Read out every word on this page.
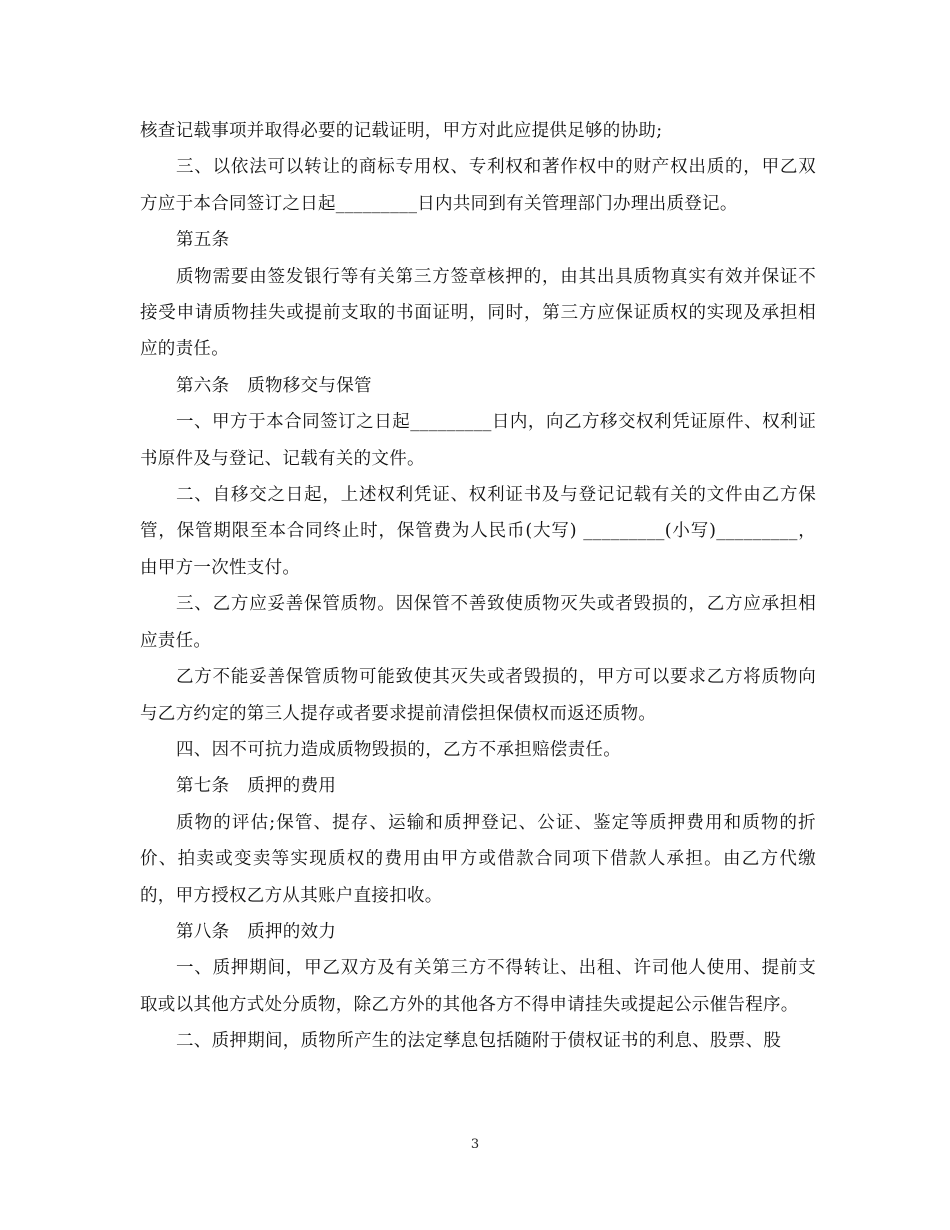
核查记载事项并取得必要的记载证明，甲方对此应提供足够的协助;

三、以依法可以转让的商标专用权、专利权和著作权中的财产权出质的，甲乙双方应于本合同签订之日起_________日内共同到有关管理部门办理出质登记。

第五条

质物需要由签发银行等有关第三方签章核押的，由其出具质物真实有效并保证不接受申请质物挂失或提前支取的书面证明，同时，第三方应保证质权的实现及承担相应的责任。

第六条　质物移交与保管

一、甲方于本合同签订之日起_________日内，向乙方移交权利凭证原件、权利证书原件及与登记、记载有关的文件。

二、自移交之日起，上述权利凭证、权利证书及与登记记载有关的文件由乙方保管，保管期限至本合同终止时，保管费为人民币(大写) _________(小写)_________，由甲方一次性支付。

三、乙方应妥善保管质物。因保管不善致使质物灭失或者毁损的，乙方应承担相应责任。

乙方不能妥善保管质物可能致使其灭失或者毁损的，甲方可以要求乙方将质物向与乙方约定的第三人提存或者要求提前清偿担保债权而返还质物。

四、因不可抗力造成质物毁损的，乙方不承担赔偿责任。

第七条　质押的费用

质物的评估;保管、提存、运输和质押登记、公证、鉴定等质押费用和质物的折价、拍卖或变卖等实现质权的费用由甲方或借款合同项下借款人承担。由乙方代缴的，甲方授权乙方从其账户直接扣收。

第八条　质押的效力

一、质押期间，甲乙双方及有关第三方不得转让、出租、许司他人使用、提前支取或以其他方式处分质物，除乙方外的其他各方不得申请挂失或提起公示催告程序。

二、质押期间，质物所产生的法定孳息包括随附于债权证书的利息、股票、股

3
